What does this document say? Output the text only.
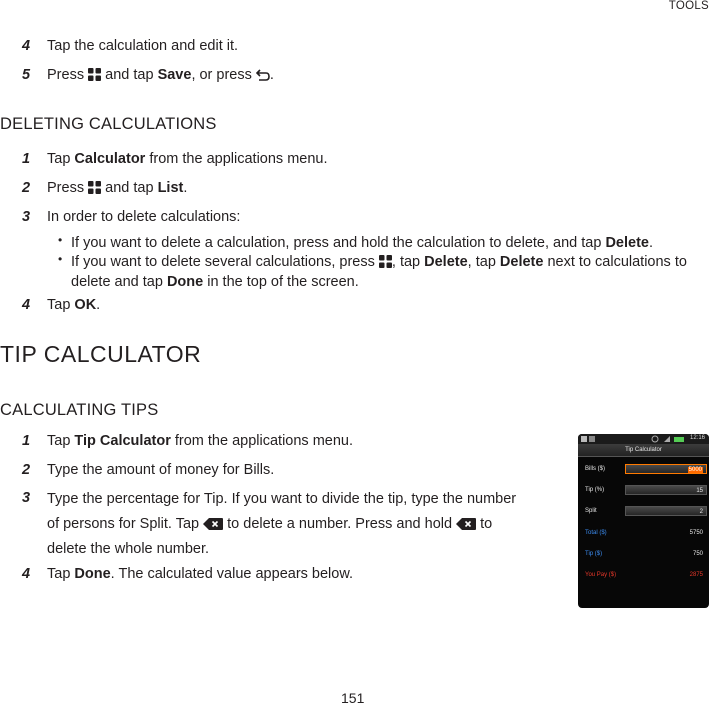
TOOLS
4	Tap the calculation and edit it.
5	Press and tap Save, or press .
DELETING CALCULATIONS
1	Tap Calculator from the applications menu.
2	Press and tap List.
3	In order to delete calculations:
• If you want to delete a calculation, press and hold the calculation to delete, and tap Delete.
• If you want to delete several calculations, press , tap Delete, tap Delete next to calculations to delete and tap Done in the top of the screen.
4	Tap OK.
TIP CALCULATOR
CALCULATING TIPS
1	Tap Tip Calculator from the applications menu.
2	Type the amount of money for Bills.
3	Type the percentage for Tip. If you want to divide the tip, type the number of persons for Split. Tap to delete a number. Press and hold to delete the whole number.
4	Tap Done. The calculated value appears below.
12:16
Tip Calculator
Bills ($)	5000
Tip (%)	15
Split	2
Total ($)	5750
Tip ($)	750
You Pay ($)	2875
151
